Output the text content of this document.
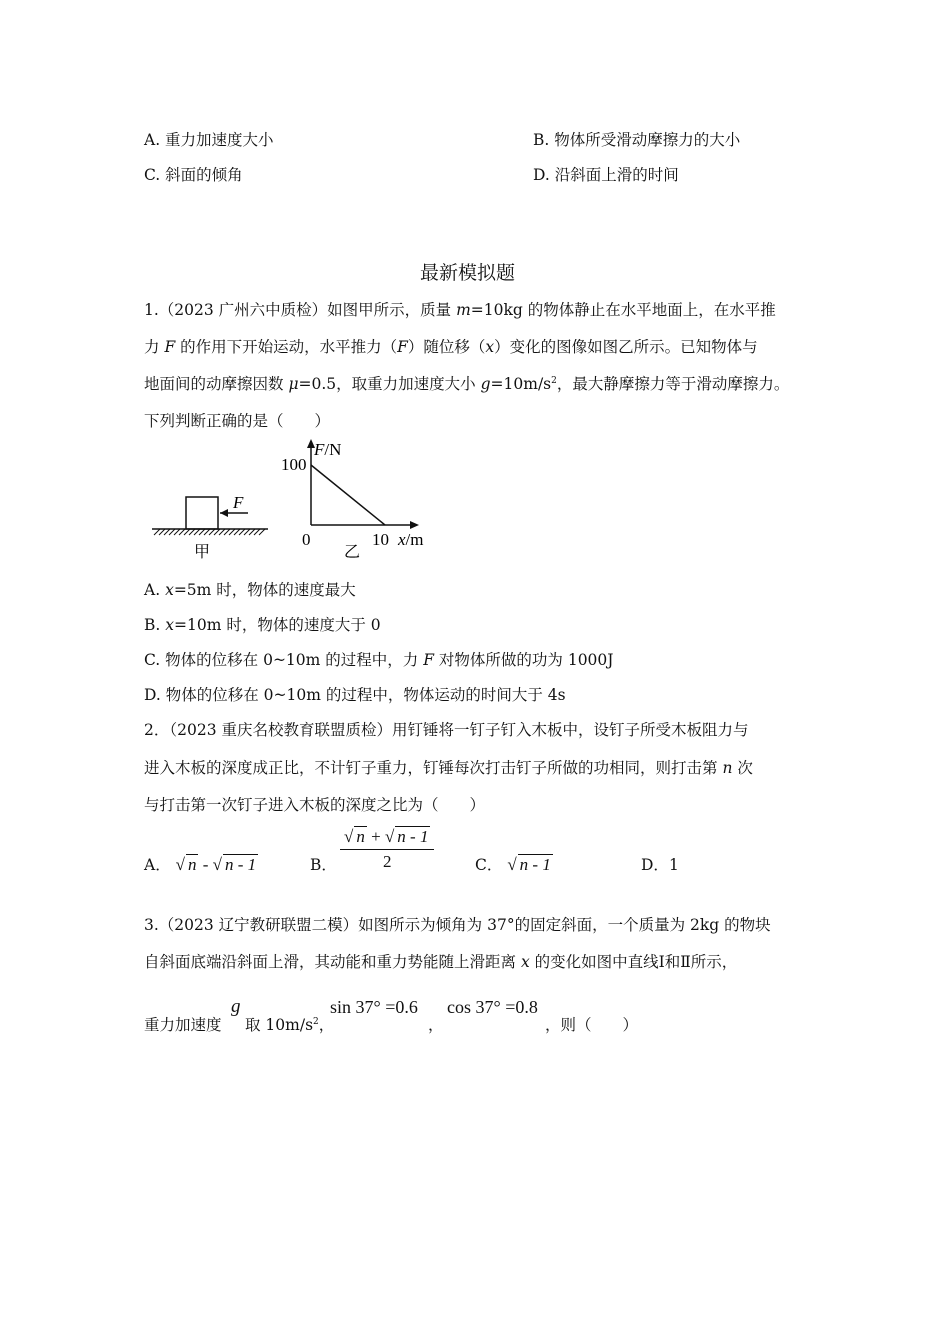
A. 重力加速度大小	B. 物体所受滑动摩擦力的大小
C. 斜面的倾角	D. 沿斜面上滑的时间
最新模拟题
1.（2023 广州六中质检）如图甲所示，质量 m=10kg 的物体静止在水平地面上，在水平推
力 F 的作用下开始运动，水平推力（F）随位移（x）变化的图像如图乙所示。已知物体与
地面间的动摩擦因数 μ=0.5，取重力加速度大小 $g=10m/s^2$，最大静摩擦力等于滑动摩擦力。
下列判断正确的是（　　）
F
甲
F/N
100
0	10 x/m
乙
A. x=5m 时，物体的速度最大
B. x=10m 时，物体的速度大于 0
C. 物体的位移在 0~10m 的过程中，力 F 对物体所做的功为 1000J
D. 物体的位移在 0~10m 的过程中，物体运动的时间大于 4s
2．（2023 重庆名校教育联盟质检）用钉锤将一钉子钉入木板中，设钉子所受木板阻力与
进入木板的深度成正比，不计钉子重力，钉锤每次打击钉子所做的功相同，则打击第 n 次
与打击第一次钉子进入木板的深度之比为（　　）
A． √ n - √ n - 1	B． $\frac{√ n + √ n - 1}{2}$	C． √ n - 1	D．1
3.（2023 辽宁教研联盟二模）如图所示为倾角为 37°的固定斜面，一个质量为 2kg 的物块
自斜面底端沿斜面上滑，其动能和重力势能随上滑距离 x 的变化如图中直线Ⅰ和Ⅱ所示，
重力加速度
g
取 $10m/s^2$，
sin 37° =0.6
，
cos 37° =0.8
，则（　　）
